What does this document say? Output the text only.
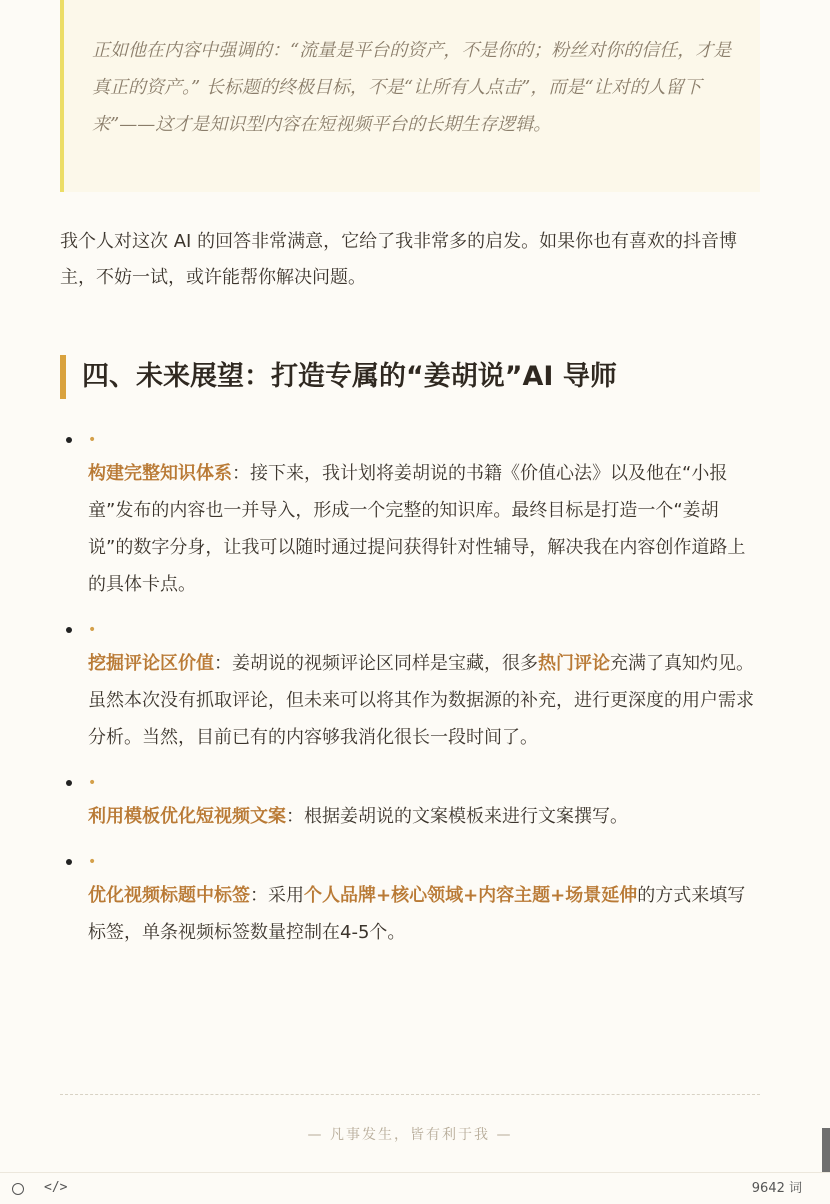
正如他在内容中强调的：“流量是平台的资产，不是你的；粉丝对你的信任，才是真正的资产。” 长标题的终极目标，不是“让所有人点击”，而是“让对的人留下来”——这才是知识型内容在短视频平台的长期生存逻辑。

我个人对这次 AI 的回答非常满意，它给了我非常多的启发。如果你也有喜欢的抖音博主，不妨一试，或许能帮你解决问题。

四、未来展望：打造专属的“姜胡说”AI 导师
•

构建完整知识体系：接下来，我计划将姜胡说的书籍《价值心法》以及他在“小报童”发布的内容也一并导入，形成一个完整的知识库。最终目标是打造一个“姜胡说”的数字分身，让我可以随时通过提问获得针对性辅导，解决我在内容创作道路上的具体卡点。

•

挖掘评论区价值：姜胡说的视频评论区同样是宝藏，很多热门评论充满了真知灼见。虽然本次没有抓取评论，但未来可以将其作为数据源的补充，进行更深度的用户需求分析。当然，目前已有的内容够我消化很长一段时间了。

•

利用模板优化短视频文案：根据姜胡说的文案模板来进行文案撰写。

•

优化视频标题中标签：采用个人品牌+核心领域+内容主题+场景延伸的方式来填写标签，单条视频标签数量控制在4-5个。

— 凡事发生，皆有利于我 —

</>	9642 词
